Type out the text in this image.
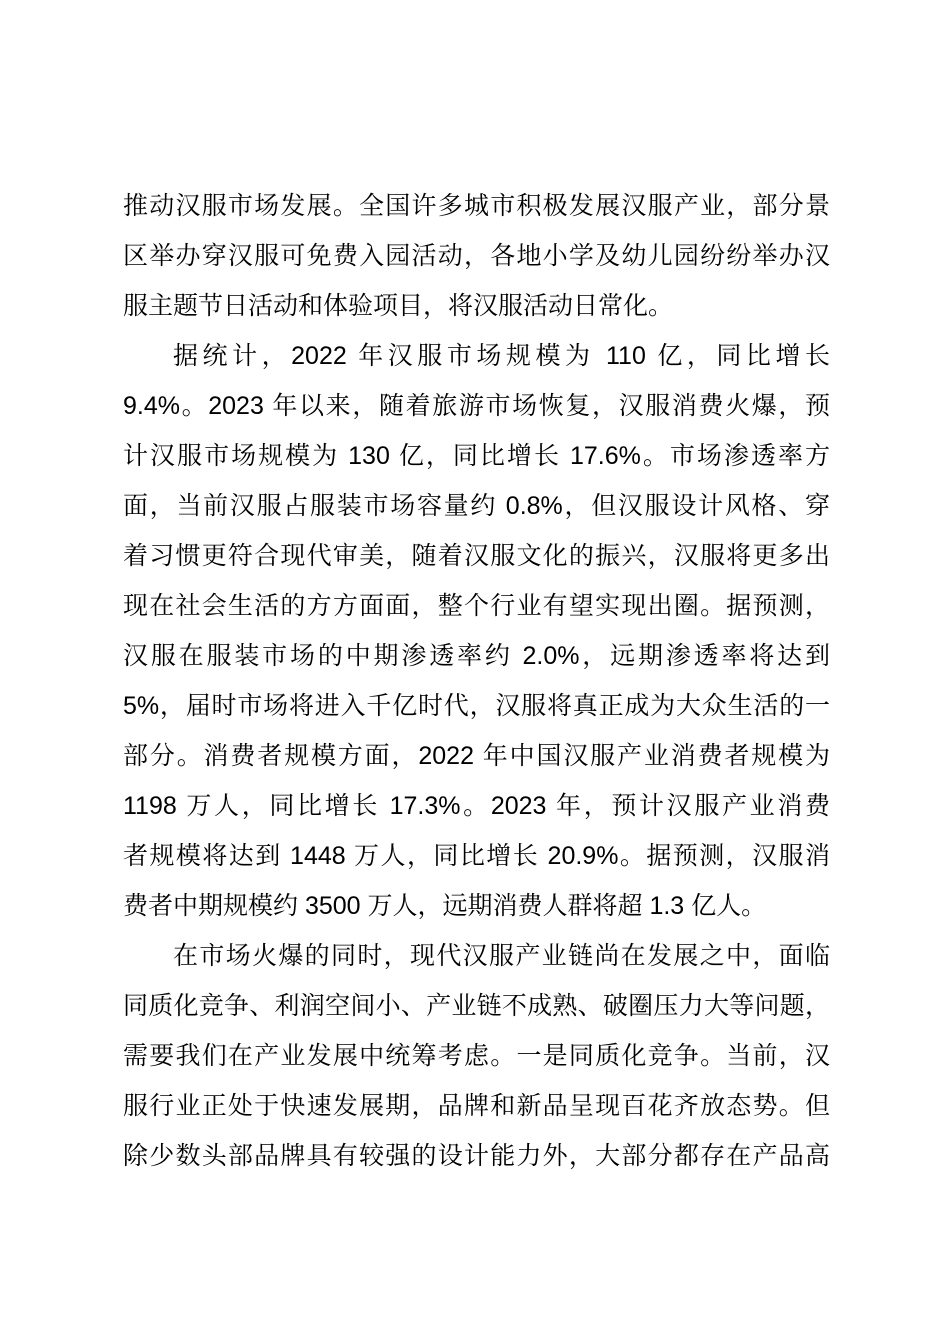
推动汉服市场发展。全国许多城市积极发展汉服产业，部分景

区举办穿汉服可免费入园活动，各地小学及幼儿园纷纷举办汉

服主题节日活动和体验项目，将汉服活动日常化。

据统计，2022 年汉服市场规模为 110 亿，同比增长

9.4%。2023 年以来，随着旅游市场恢复，汉服消费火爆，预

计汉服市场规模为 130 亿，同比增长 17.6%。市场渗透率方

面，当前汉服占服装市场容量约 0.8%，但汉服设计风格、穿

着习惯更符合现代审美，随着汉服文化的振兴，汉服将更多出

现在社会生活的方方面面，整个行业有望实现出圈。据预测，

汉服在服装市场的中期渗透率约 2.0%，远期渗透率将达到

5%，届时市场将进入千亿时代，汉服将真正成为大众生活的一

部分。消费者规模方面，2022 年中国汉服产业消费者规模为

1198 万人，同比增长 17.3%。2023 年，预计汉服产业消费

者规模将达到 1448 万人，同比增长 20.9%。据预测，汉服消

费者中期规模约 3500 万人，远期消费人群将超 1.3 亿人。

在市场火爆的同时，现代汉服产业链尚在发展之中，面临

同质化竞争、利润空间小、产业链不成熟、破圈压力大等问题，

需要我们在产业发展中统筹考虑。一是同质化竞争。当前，汉

服行业正处于快速发展期，品牌和新品呈现百花齐放态势。但

除少数头部品牌具有较强的设计能力外，大部分都存在产品高
